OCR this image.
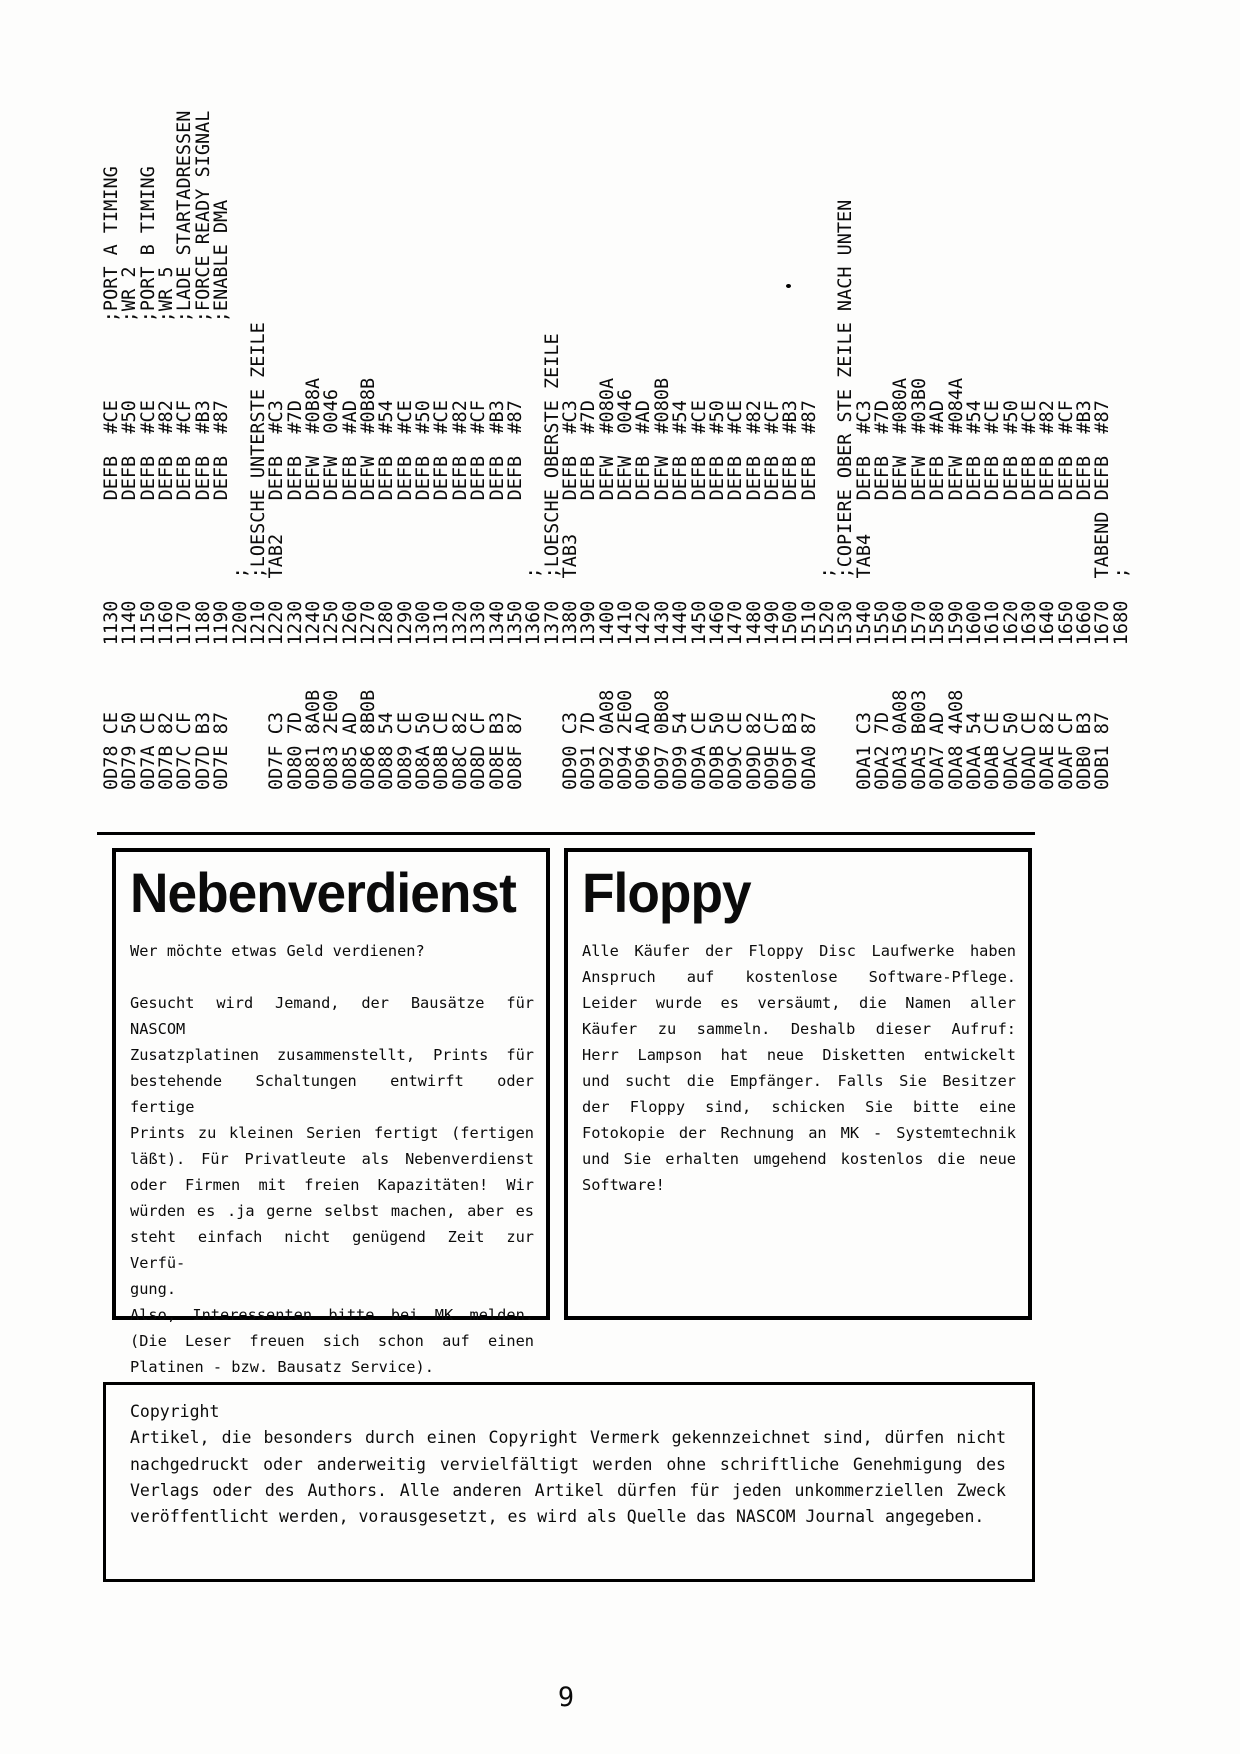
0D78 CE      1130         DEFB  #CE       ;PORT A TIMING
0D79 50      1140         DEFB  #50       ;WR 2
0D7A CE      1150         DEFB  #CE       ;PORT B TIMING
0D7B 82      1160         DEFB  #82       ;WR 5
0D7C CF      1170         DEFB  #CF       ;LADE STARTADRESSEN
0D7D B3      1180         DEFB  #B3       ;FORCE READY SIGNAL
0D7E 87      1190         DEFB  #87       ;ENABLE DMA
1200  ;
1210  ;LOESCHE UNTERSTE ZEILE
0D7F C3      1220  TAB2   DEFB  #C3
0D80 7D      1230         DEFB  #7D
0D81 8A0B    1240         DEFW  #0B8A
0D83 2E00    1250         DEFW  0046
0D85 AD      1260         DEFB  #AD
0D86 8B0B    1270         DEFW  #0B8B
0D88 54      1280         DEFB  #54
0D89 CE      1290         DEFB  #CE
0D8A 50      1300         DEFB  #50
0D8B CE      1310         DEFB  #CE
0D8C 82      1320         DEFB  #82
0D8D CF      1330         DEFB  #CF
0D8E B3      1340         DEFB  #B3
0D8F 87      1350         DEFB  #87
1360  ;
1370  ;LOESCHE OBERSTE ZEILE
0D90 C3      1380  TAB3   DEFB  #C3
0D91 7D      1390         DEFB  #7D
0D92 0A08    1400         DEFW  #080A
0D94 2E00    1410         DEFW  0046
0D96 AD      1420         DEFB  #AD
0D97 0B08    1430         DEFW  #080B
0D99 54      1440         DEFB  #54
0D9A CE      1450         DEFB  #CE
0D9B 50      1460         DEFB  #50
0D9C CE      1470         DEFB  #CE
0D9D 82      1480         DEFB  #82
0D9E CF      1490         DEFB  #CF
0D9F B3      1500         DEFB  #B3
0DA0 87      1510         DEFB  #87
1520  ;
1530  ;COPIERE OBER STE ZEILE NACH UNTEN
0DA1 C3      1540  TAB4   DEFB  #C3
0DA2 7D      1550         DEFB  #7D
0DA3 0A08    1560         DEFW  #080A
0DA5 B003    1570         DEFW  #03B0
0DA7 AD      1580         DEFB  #AD
0DA8 4A08    1590         DEFW  #084A
0DAA 54      1600         DEFB  #54
0DAB CE      1610         DEFB  #CE
0DAC 50      1620         DEFB  #50
0DAD CE      1630         DEFB  #CE
0DAE 82      1640         DEFB  #82
0DAF CF      1650         DEFB  #CF
0DB0 B3      1660         DEFB  #B3
0DB1 87      1670  TABEND DEFB  #87
1680  ;
Nebenverdienst
Wer möchte etwas Geld verdienen?

Gesucht wird Jemand, der Bausätze für NASCOM
Zusatzplatinen zusammenstellt, Prints für
bestehende Schaltungen entwirft oder fertige
Prints zu kleinen Serien fertigt (fertigen
läßt). Für Privatleute als Nebenverdienst
oder Firmen mit freien Kapazitäten! Wir
würden es .ja gerne selbst machen, aber es
steht einfach nicht genügend Zeit zur Verfü-
gung.
Also, Interessenten bitte bei MK melden.
(Die Leser freuen sich schon auf einen
Platinen - bzw. Bausatz Service).
Floppy
Alle Käufer der Floppy Disc Laufwerke haben
Anspruch auf kostenlose Software-Pflege.
Leider wurde es versäumt, die Namen aller
Käufer zu sammeln. Deshalb dieser Aufruf:
Herr Lampson hat neue Disketten entwickelt
und sucht die Empfänger. Falls Sie Besitzer
der Floppy sind, schicken Sie bitte eine
Fotokopie der Rechnung an MK - Systemtechnik
und Sie erhalten umgehend kostenlos die neue
Software!
Copyright
Artikel, die besonders durch einen Copyright Vermerk gekennzeichnet sind, dürfen nicht
nachgedruckt oder anderweitig vervielfältigt werden ohne schriftliche Genehmigung des
Verlags oder des Authors. Alle anderen Artikel dürfen für jeden unkommerziellen Zweck
veröffentlicht werden, vorausgesetzt, es wird als Quelle das NASCOM Journal angegeben.
9
